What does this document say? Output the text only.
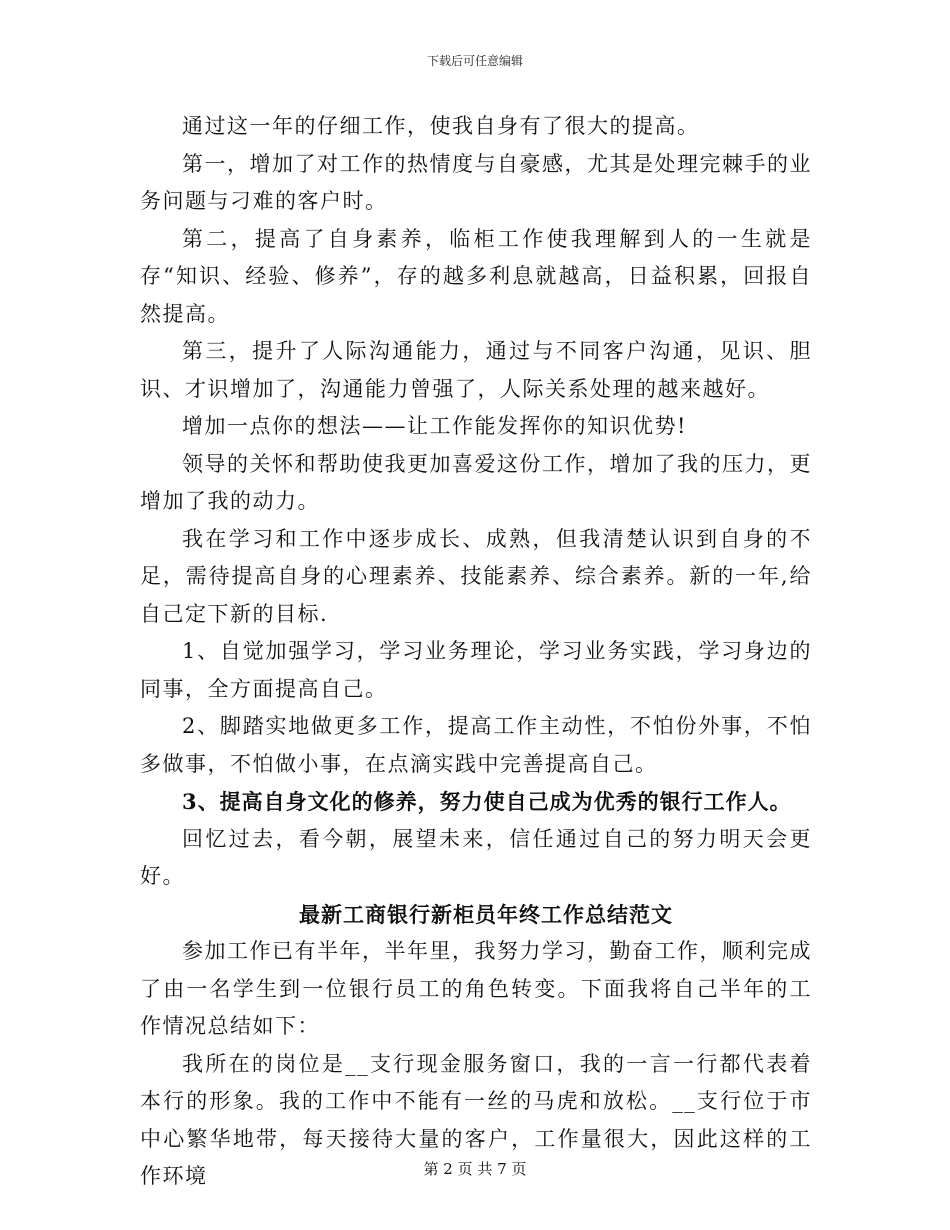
下载后可任意编辑

通过这一年的仔细工作，使我自身有了很大的提高。

第一，增加了对工作的热情度与自豪感，尤其是处理完棘手的业务问题与刁难的客户时。

第二，提高了自身素养，临柜工作使我理解到人的一生就是存“知识、经验、修养”，存的越多利息就越高，日益积累，回报自然提高。

第三，提升了人际沟通能力，通过与不同客户沟通，见识、胆识、才识增加了，沟通能力曾强了，人际关系处理的越来越好。

增加一点你的想法——让工作能发挥你的知识优势!

领导的关怀和帮助使我更加喜爱这份工作，增加了我的压力，更增加了我的动力。

我在学习和工作中逐步成长、成熟，但我清楚认识到自身的不足，需待提高自身的心理素养、技能素养、综合素养。新的一年,给自己定下新的目标.

1、自觉加强学习，学习业务理论，学习业务实践，学习身边的同事，全方面提高自己。

2、脚踏实地做更多工作，提高工作主动性，不怕份外事，不怕多做事，不怕做小事，在点滴实践中完善提高自己。

3、提高自身文化的修养，努力使自己成为优秀的银行工作人。

回忆过去，看今朝，展望未来，信任通过自己的努力明天会更好。

最新工商银行新柜员年终工作总结范文

参加工作已有半年，半年里，我努力学习，勤奋工作，顺利完成了由一名学生到一位银行员工的角色转变。下面我将自己半年的工作情况总结如下：

我所在的岗位是__支行现金服务窗口，我的一言一行都代表着本行的形象。我的工作中不能有一丝的马虎和放松。__支行位于市中心繁华地带，每天接待大量的客户，工作量很大，因此这样的工作环境	第 2 页 共 7 页
